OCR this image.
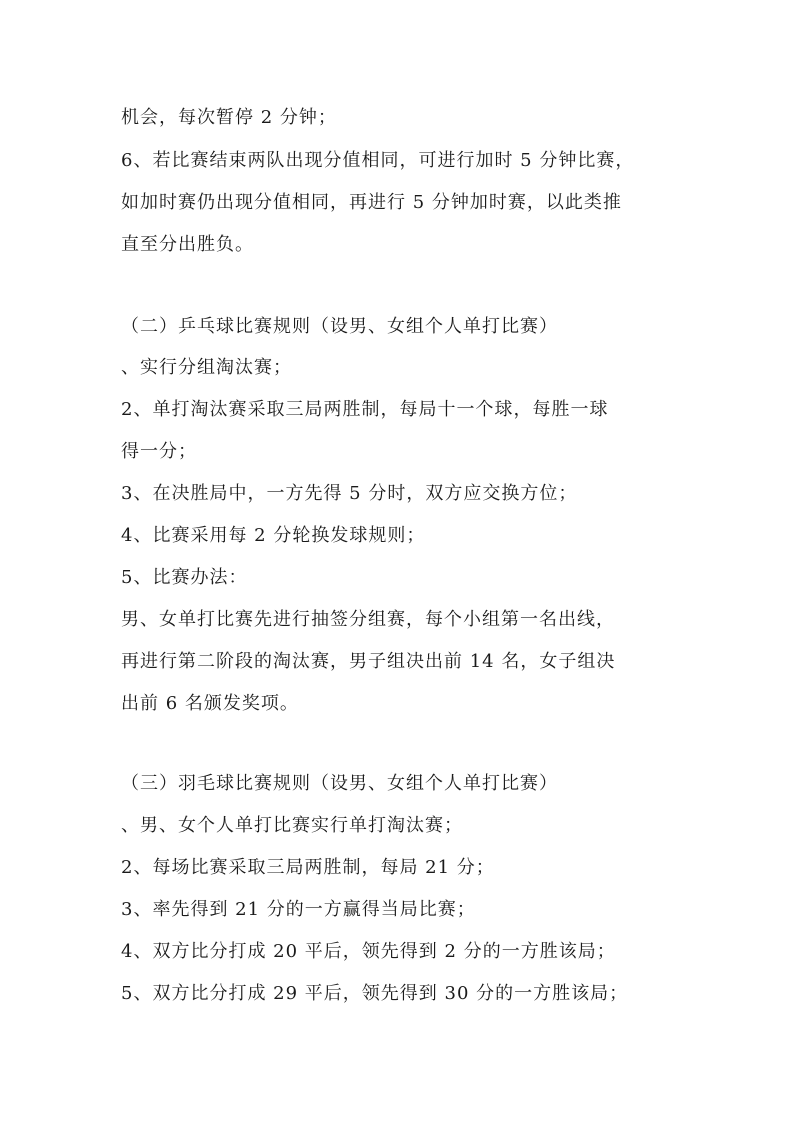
机会，每次暂停 2 分钟；
6、若比赛结束两队出现分值相同，可进行加时 5 分钟比赛，
如加时赛仍出现分值相同，再进行 5 分钟加时赛，以此类推
直至分出胜负。
（二）乒乓球比赛规则（设男、女组个人单打比赛）
、实行分组淘汰赛；
2、单打淘汰赛采取三局两胜制，每局十一个球，每胜一球
得一分；
3、在决胜局中，一方先得 5 分时，双方应交换方位；
4、比赛采用每 2 分轮换发球规则；
5、比赛办法：
男、女单打比赛先进行抽签分组赛，每个小组第一名出线，
再进行第二阶段的淘汰赛，男子组决出前 14 名，女子组决
出前 6 名颁发奖项。
（三）羽毛球比赛规则（设男、女组个人单打比赛）
、男、女个人单打比赛实行单打淘汰赛；
2、每场比赛采取三局两胜制，每局 21 分；
3、率先得到 21 分的一方赢得当局比赛；
4、双方比分打成 20 平后，领先得到 2 分的一方胜该局；
5、双方比分打成 29 平后，领先得到 30 分的一方胜该局；
